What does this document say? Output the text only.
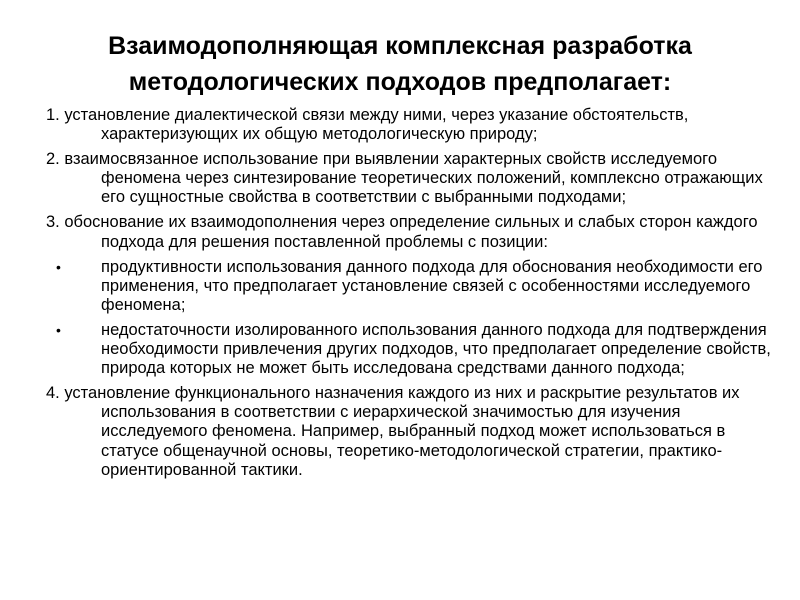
Взаимодополняющая комплексная разработка
методологических подходов предполагает:
1. установление диалектической связи между ними, через указание обстоятельств, характеризующих их общую методологическую природу;
2. взаимосвязанное использование при выявлении характерных свойств исследуемого феномена через синтезирование теоретических положений, комплексно отражающих его сущностные свойства в соответствии с выбранными подходами;
3. обоснование их взаимодополнения через определение сильных и слабых сторон каждого подхода для решения поставленной проблемы с позиции:
•	продуктивности использования данного подхода для обоснования необходимости его применения, что предполагает установление связей с особенностями исследуемого феномена;
•	недостаточности изолированного использования данного подхода для подтверждения необходимости привлечения других подходов, что предполагает определение свойств, природа которых не может быть исследована средствами данного подхода;
4. установление функционального назначения каждого из них и раскрытие результатов их использования в соответствии с иерархической значимостью для изучения исследуемого феномена. Например, выбранный подход может использоваться в статусе общенаучной основы, теоретико-методологической стратегии, практико-ориентированной тактики.
